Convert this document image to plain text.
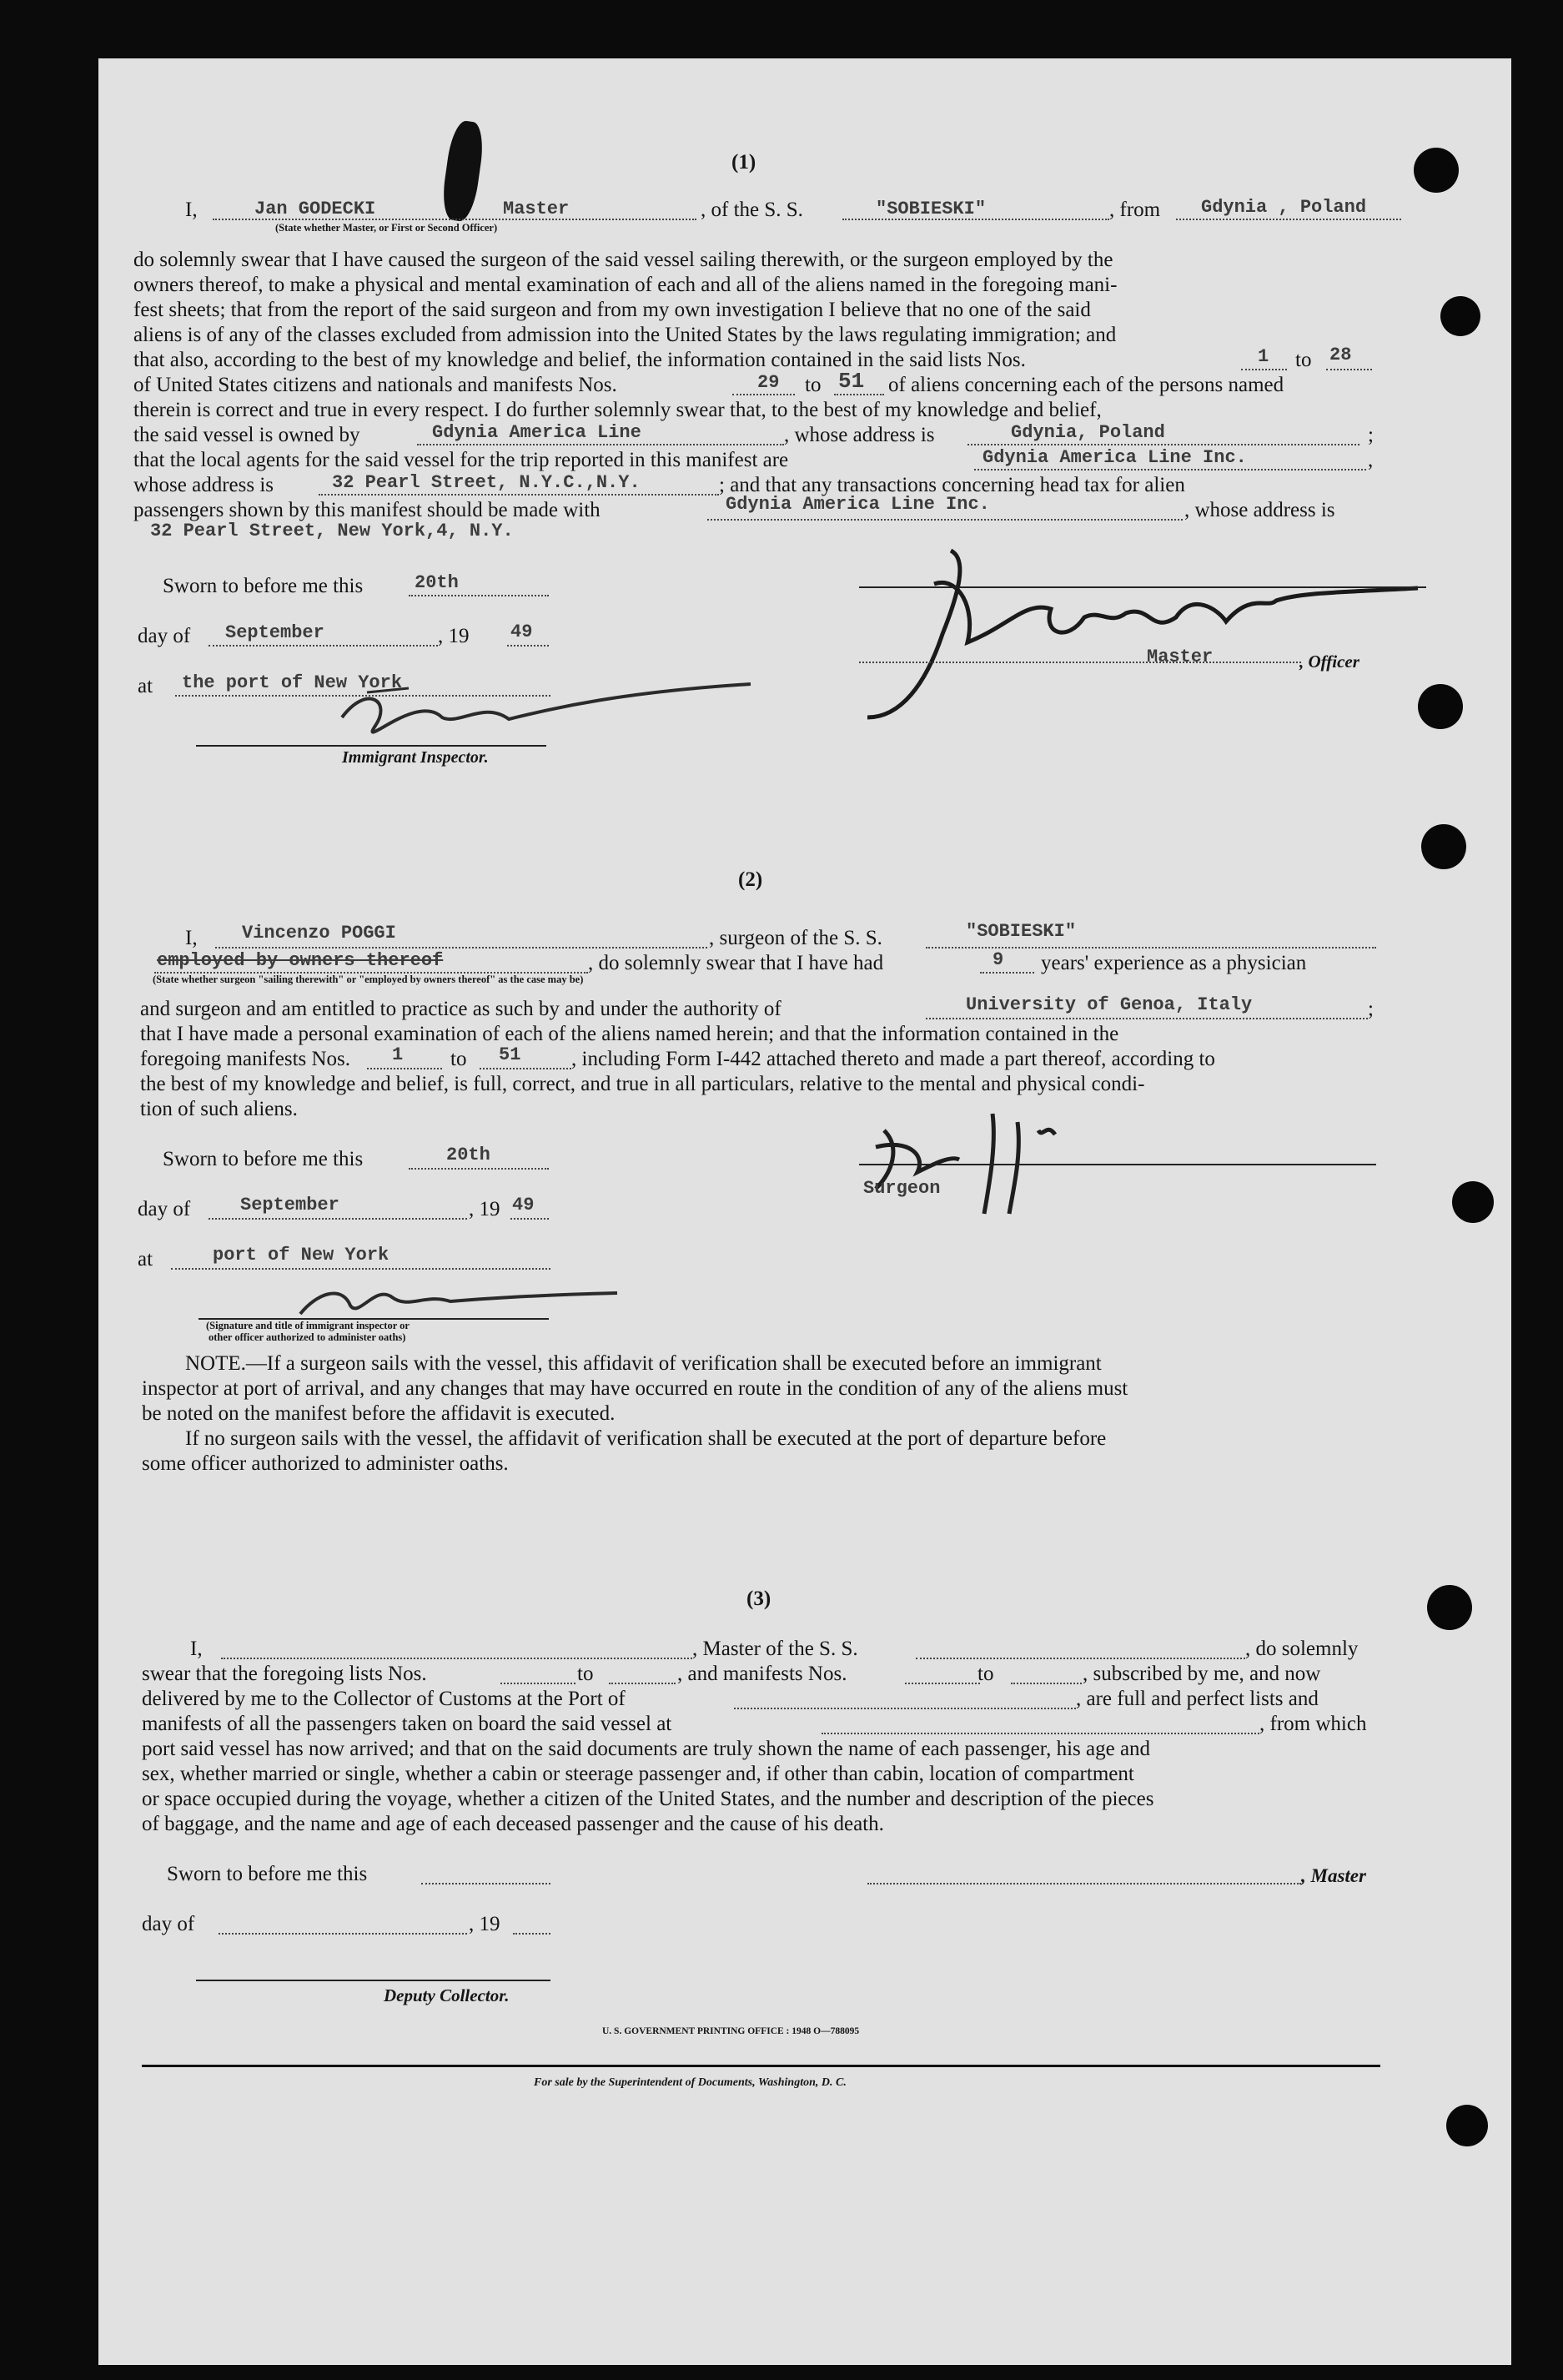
(1)
I,	Jan GODECKI	Master	, of the S. S.	"SOBIESKI"	, from Gdynia , Poland
(State whether Master, or First or Second Officer)
do solemnly swear that I have caused the surgeon of the said vessel sailing therewith, or the surgeon employed by the
owners thereof, to make a physical and mental examination of each and all of the aliens named in the foregoing mani-
fest sheets; that from the report of the said surgeon and from my own investigation I believe that no one of the said
aliens is of any of the classes excluded from admission into the United States by the laws regulating immigration; and
that also, according to the best of my knowledge and belief, the information contained in the said lists Nos.	1 to 28
of United States citizens and nationals and manifests Nos.	29 to 51 of aliens concerning each of the persons named
therein is correct and true in every respect. I do further solemnly swear that, to the best of my knowledge and belief,
the said vessel is owned by	Gdynia America Line	, whose address is	Gdynia, Poland	;
that the local agents for the said vessel for the trip reported in this manifest are	Gdynia America Line Inc.	,
whose address is	32 Pearl Street, N.Y.C.,N.Y.	; and that any transactions concerning head tax for alien
passengers shown by this manifest should be made with	Gdynia America Line Inc.	, whose address is
32 Pearl Street, New York,4, N.Y.
Sworn to before me this	20th
day of September	, 19 49
at the port of New York
Immigrant Inspector.
Master	, Officer
(2)
I, Vincenzo POGGI	, surgeon of the S. S.	"SOBIESKI"
employed by owners thereof	, do solemnly swear that I have had	9 years' experience as a physician
(State whether surgeon "sailing therewith" or "employed by owners thereof" as the case may be)
and surgeon and am entitled to practice as such by and under the authority of	University of Genoa, Italy	;
that I have made a personal examination of each of the aliens named herein; and that the information contained in the
foregoing manifests Nos. 1 to 51 , including Form I-442 attached thereto and made a part thereof, according to
the best of my knowledge and belief, is full, correct, and true in all particulars, relative to the mental and physical condi-
tion of such aliens.
Sworn to before me this	20th
day of	September	, 19 49
at	port of New York
(Signature and title of immigrant inspector or
other officer authorized to administer oaths)
Surgeon
NOTE.—If a surgeon sails with the vessel, this affidavit of verification shall be executed before an immigrant
inspector at port of arrival, and any changes that may have occurred en route in the condition of any of the aliens must
be noted on the manifest before the affidavit is executed.
If no surgeon sails with the vessel, the affidavit of verification shall be executed at the port of departure before
some officer authorized to administer oaths.
(3)
I,	, Master of the S. S.	, do solemnly
swear that the foregoing lists Nos.	to	, and manifests Nos.	to	, subscribed by me, and now
delivered by me to the Collector of Customs at the Port of	, are full and perfect lists and
manifests of all the passengers taken on board the said vessel at	, from which
port said vessel has now arrived; and that on the said documents are truly shown the name of each passenger, his age and
sex, whether married or single, whether a cabin or steerage passenger and, if other than cabin, location of compartment
or space occupied during the voyage, whether a citizen of the United States, and the number and description of the pieces
of baggage, and the name and age of each deceased passenger and the cause of his death.
Sworn to before me this	, Master
day of	, 19
Deputy Collector.
U. S. GOVERNMENT PRINTING OFFICE : 1948 O—788095
For sale by the Superintendent of Documents, Washington, D. C.
